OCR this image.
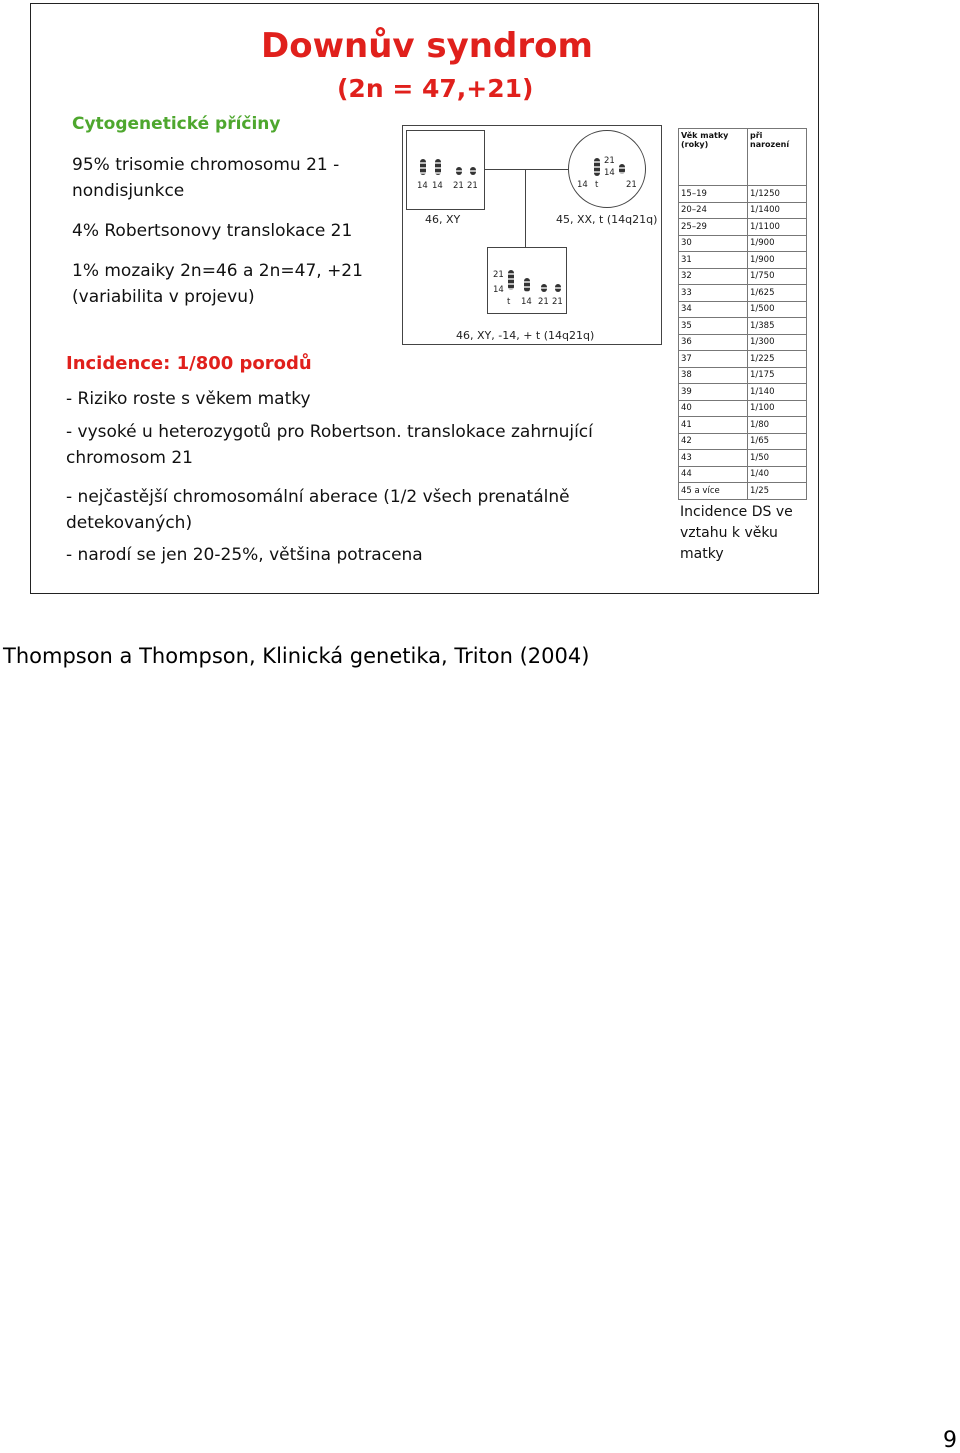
Downův syndrom
(2n = 47,+21)
Cytogenetické příčiny
95% trisomie chromosomu 21 -
nondisjunkce
4% Robertsonovy translokace 21
1% mozaiky 2n=46 a 2n=47, +21
(variabilita v projevu)
Incidence: 1/800 porodů
- Riziko roste s věkem matky
- vysoké u heterozygotů pro Robertson. translokace zahrnující
chromosom 21
- nejčastější chromosomální aberace (1/2 všech prenatálně
detekovaných)
- narodí se jen 20-25%, většina potracena
14 14 21 21
46, XY
21
14
14 t	21
45, XX, t (14q21q)
21
14
t 14 21 21
46, XY, -14, + t (14q21q)
Věk matky (roky)	při narození
15–19	1/1250
20–24	1/1400
25–29	1/1100
30	1/900
31	1/900
32	1/750
33	1/625
34	1/500
35	1/385
36	1/300
37	1/225
38	1/175
39	1/140
40	1/100
41	1/80
42	1/65
43	1/50
44	1/40
45 a více	1/25
Incidence DS ve vztahu k věku matky
Thompson a Thompson, Klinická genetika, Triton (2004)
9
